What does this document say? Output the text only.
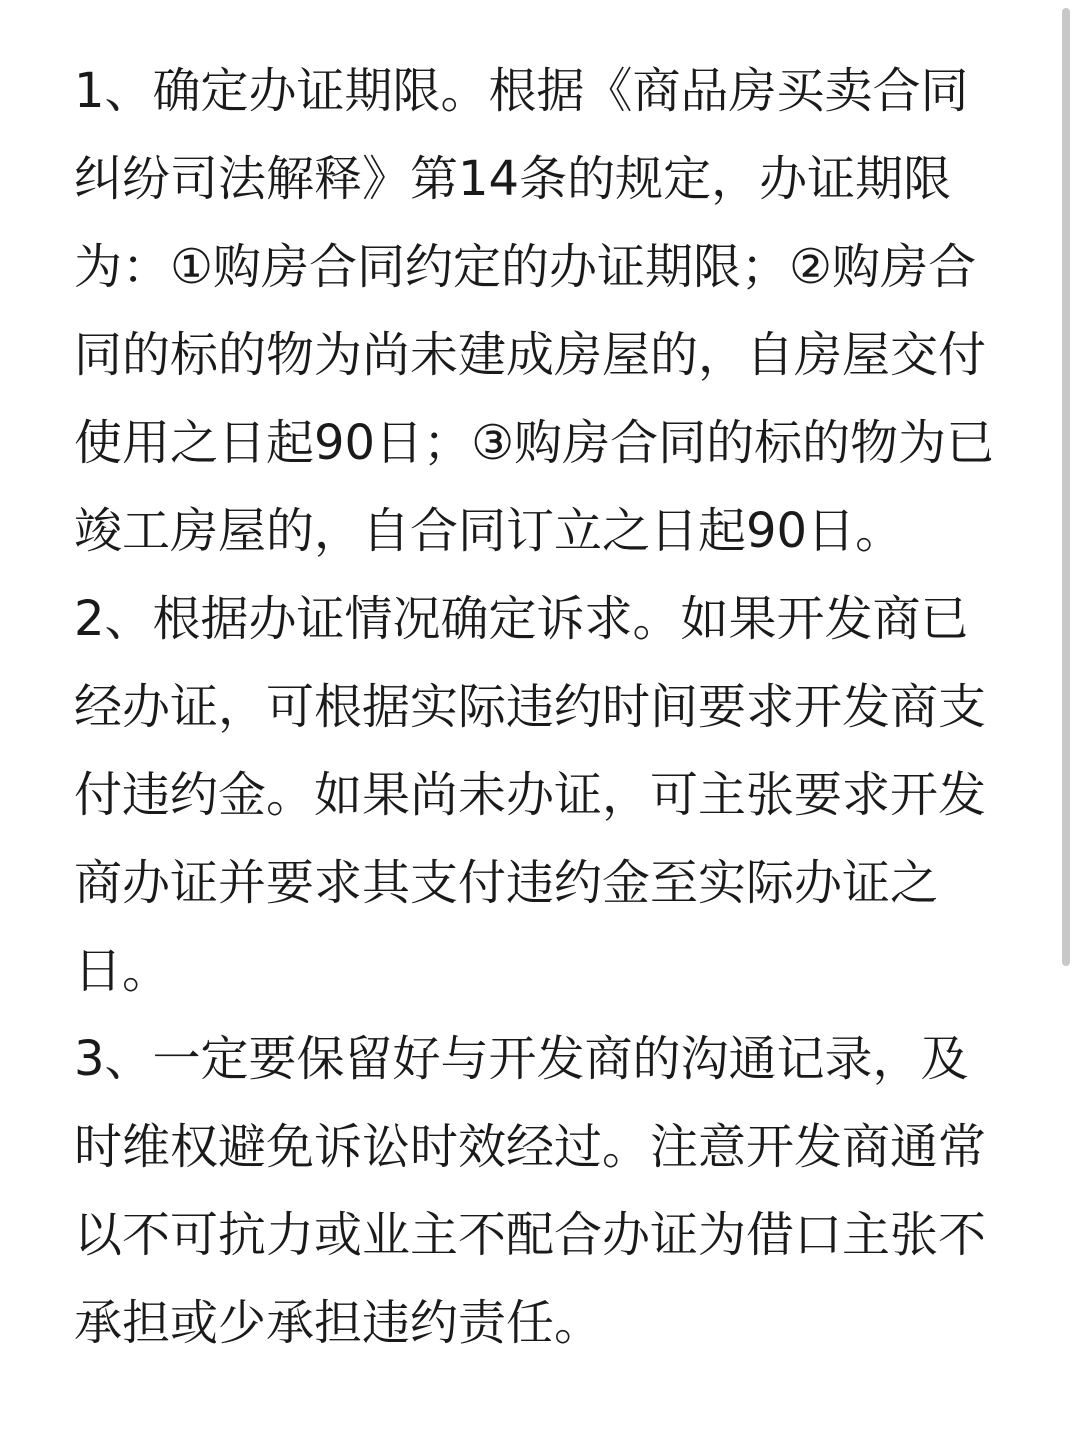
1、确定办证期限。根据《商品房买卖合同纠纷司法解释》第14条的规定，办证期限为：①购房合同约定的办证期限；②购房合同的标的物为尚未建成房屋的，自房屋交付使用之日起90日；③购房合同的标的物为已竣工房屋的，自合同订立之日起90日。

2、根据办证情况确定诉求。如果开发商已经办证，可根据实际违约时间要求开发商支付违约金。如果尚未办证，可主张要求开发商办证并要求其支付违约金至实际办证之日。

3、一定要保留好与开发商的沟通记录，及时维权避免诉讼时效经过。注意开发商通常以不可抗力或业主不配合办证为借口主张不承担或少承担违约责任。
